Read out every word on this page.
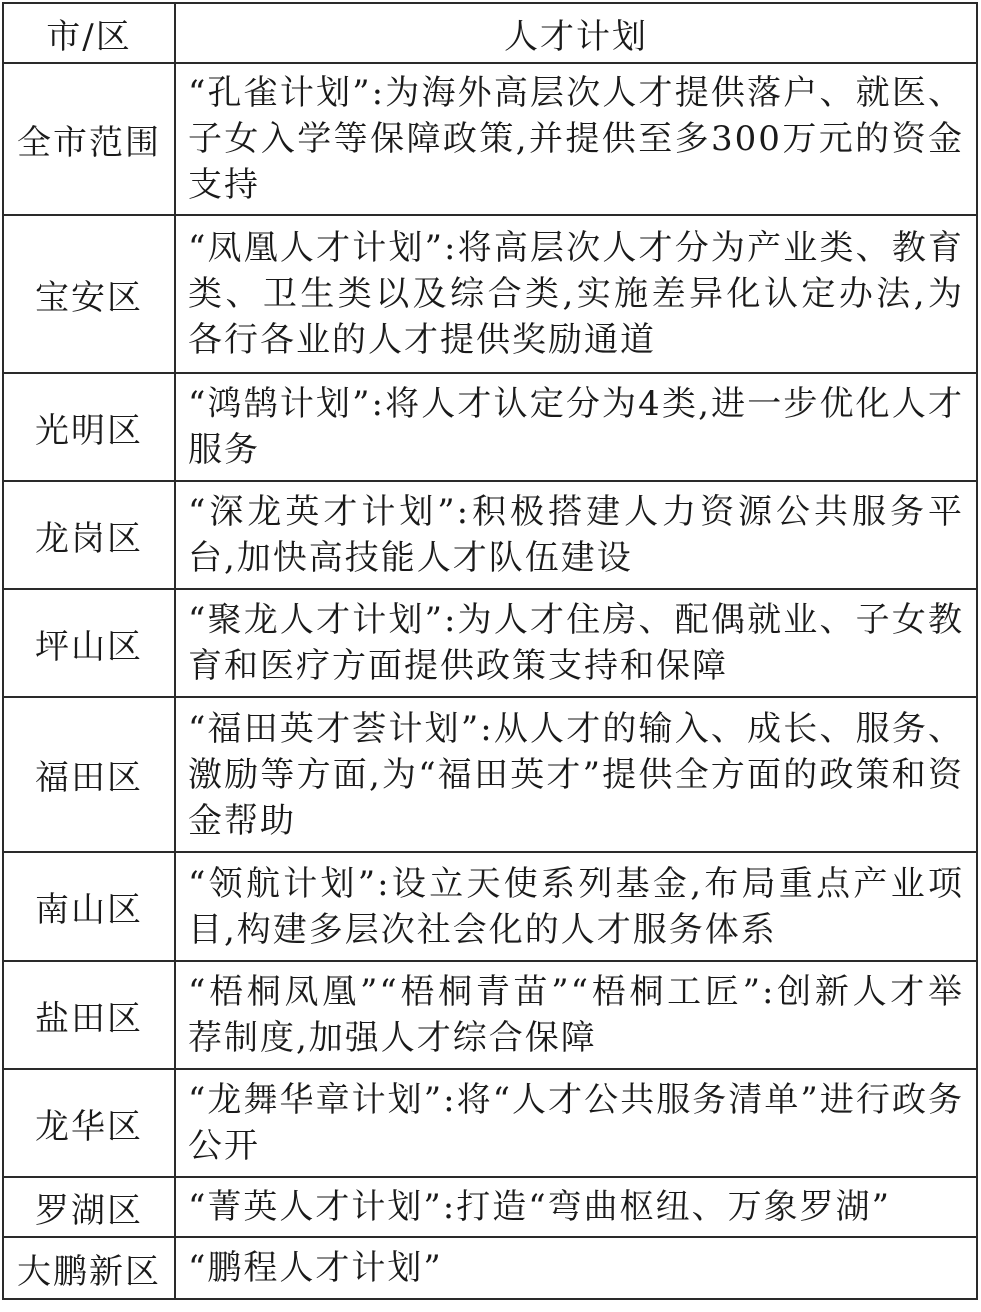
市/区	人才计划
全市范围	“孔雀计划”:为海外高层次人才提供落户、就医、子女入学等保障政策,并提供至多300万元的资金支持
宝安区	“凤凰人才计划”:将高层次人才分为产业类、教育类、卫生类以及综合类,实施差异化认定办法,为各行各业的人才提供奖励通道
光明区	“鸿鹄计划”:将人才认定分为4类,进一步优化人才服务
龙岗区	“深龙英才计划”:积极搭建人力资源公共服务平台,加快高技能人才队伍建设
坪山区	“聚龙人才计划”:为人才住房、配偶就业、子女教育和医疗方面提供政策支持和保障
福田区	“福田英才荟计划”:从人才的输入、成长、服务、激励等方面,为“福田英才”提供全方面的政策和资金帮助
南山区	“领航计划”:设立天使系列基金,布局重点产业项目,构建多层次社会化的人才服务体系
盐田区	“梧桐凤凰”“梧桐青苗”“梧桐工匠”:创新人才举荐制度,加强人才综合保障
龙华区	“龙舞华章计划”:将“人才公共服务清单”进行政务公开
罗湖区	“菁英人才计划”:打造“弯曲枢纽、万象罗湖”
大鹏新区	“鹏程人才计划”
